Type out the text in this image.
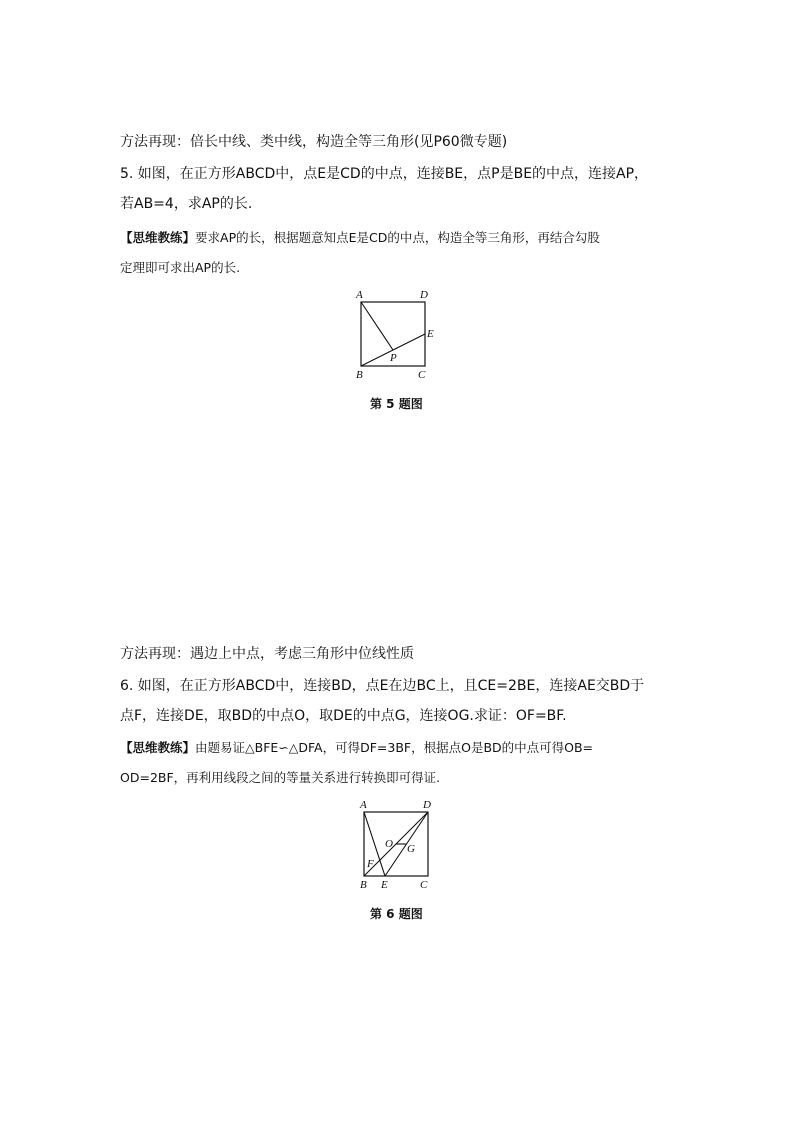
方法再现：倍长中线、类中线，构造全等三角形(见P60微专题)
5. 如图，在正方形ABCD中，点E是CD的中点，连接BE，点P是BE的中点，连接AP，
若AB=4，求AP的长.
【思维教练】要求AP的长，根据题意知点E是CD的中点，构造全等三角形，再结合勾股
定理即可求出AP的长.
A	D
E
P
B	C
第 5 题图
方法再现：遇边上中点，考虑三角形中位线性质
6. 如图，在正方形ABCD中，连接BD，点E在边BC上，且CE=2BE，连接AE交BD于
点F，连接DE，取BD的中点O，取DE的中点G，连接OG.求证：OF=BF.
【思维教练】由题易证△BFE∽△DFA，可得DF=3BF，根据点O是BD的中点可得OB=
OD=2BF，再利用线段之间的等量关系进行转换即可得证.
A	D
O G
F
B E	C
第 6 题图
